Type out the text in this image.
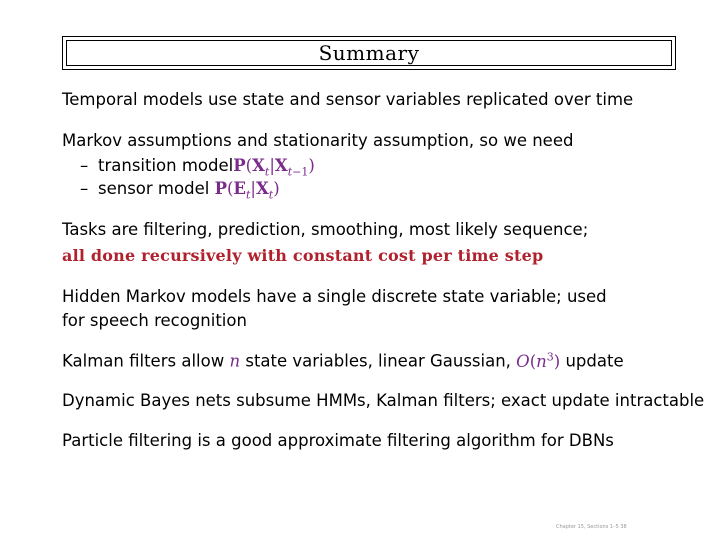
Summary
Temporal models use state and sensor variables replicated over time
Markov assumptions and stationarity assumption, so we need
– transition $modelP(X_t|X_{t-1})$
– sensor model $P(E_t|X_t)$
Tasks are filtering, prediction, smoothing, most likely sequence;
all done recursively with constant cost per time step
Hidden Markov models have a single discrete state variable; used
for speech recognition
Kalman filters allow n state variables, linear Gaussian, $O(n^3)$ update
Dynamic Bayes nets subsume HMMs, Kalman filters; exact update intractable
Particle filtering is a good approximate filtering algorithm for DBNs
Chapter 15, Sections 1–5 38
